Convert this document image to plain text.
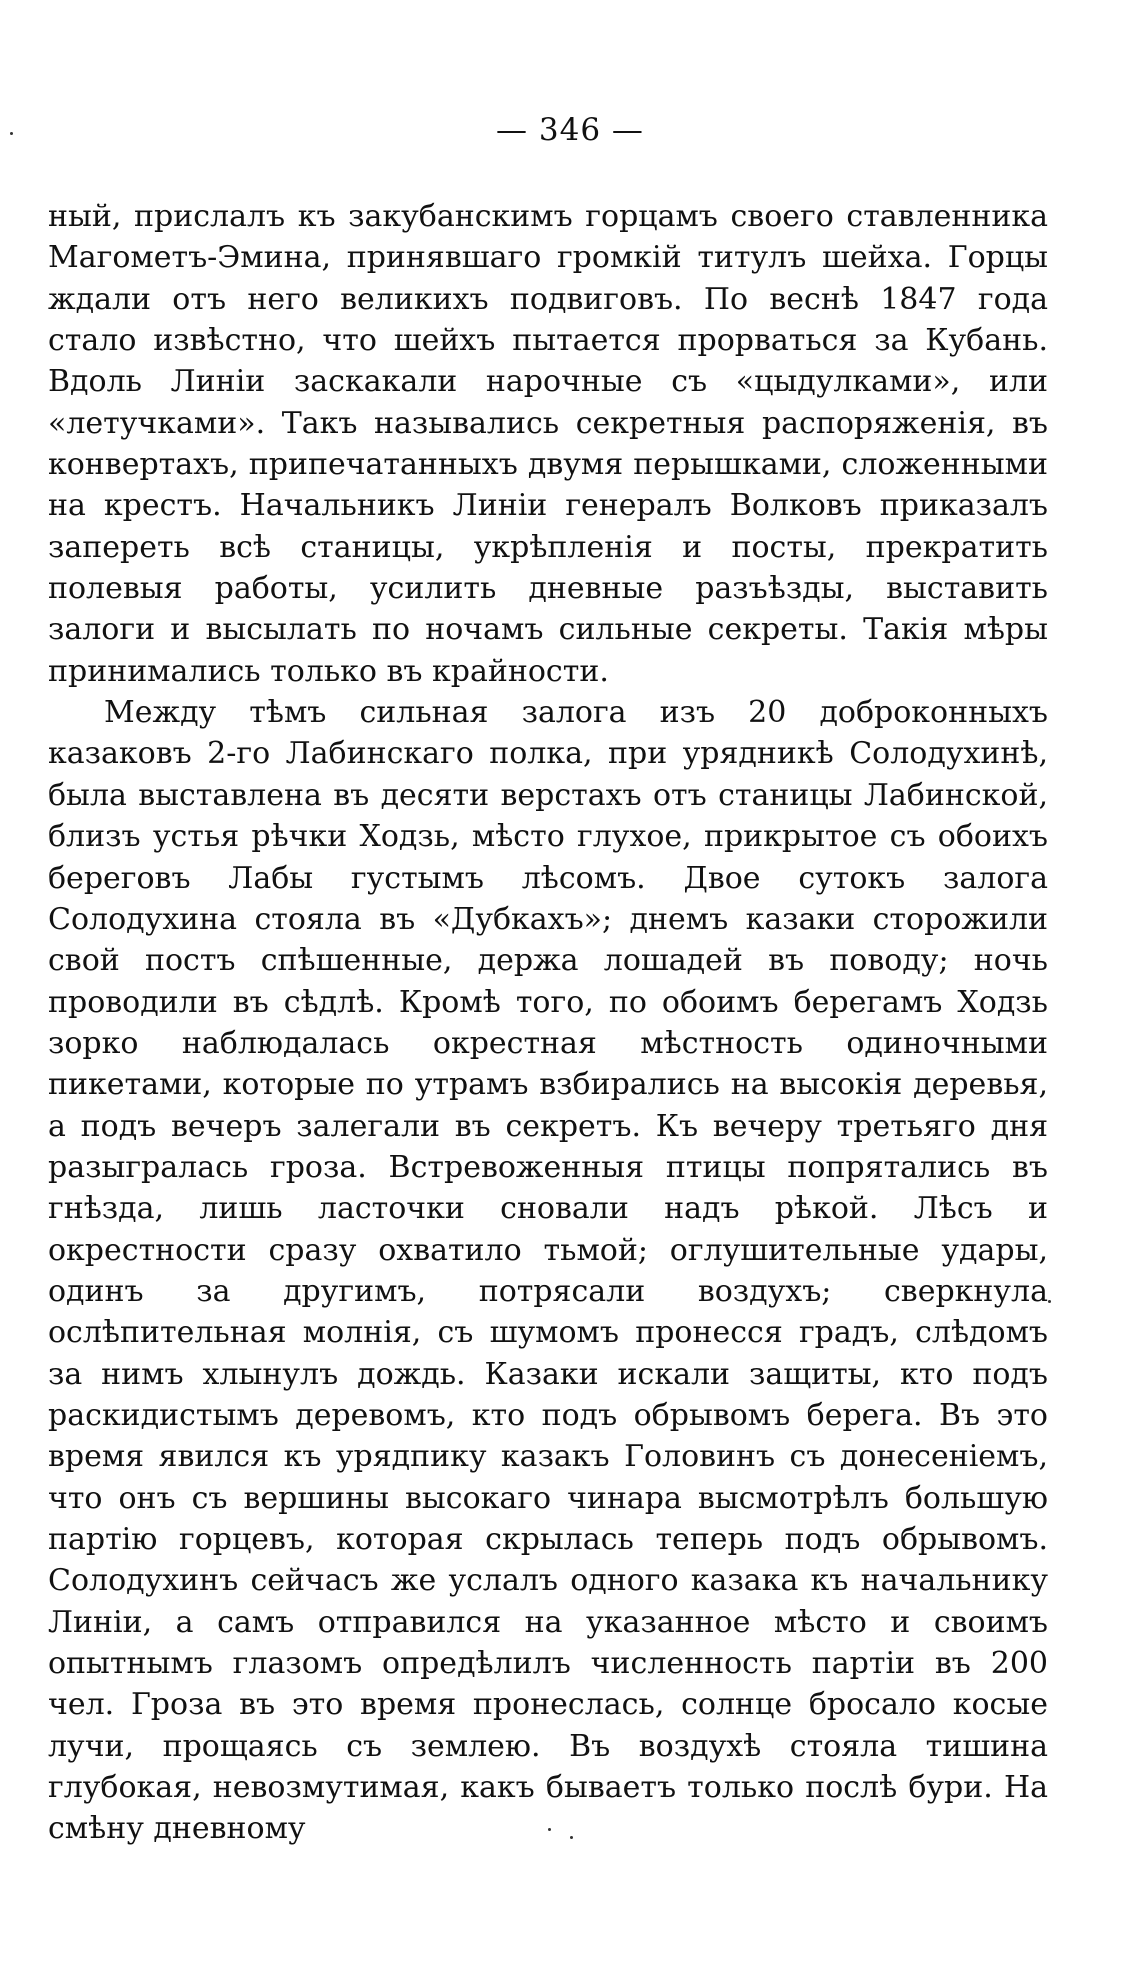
— 346 —

ный, прислалъ къ закубанскимъ горцамъ своего ставленника Магометъ-Эмина, принявшаго громкій титулъ шейха. Горцы ждали отъ него великихъ подвиговъ. По веснѣ 1847 года стало извѣстно, что шейхъ пытается прорваться за Кубань. Вдоль Линіи заскакали нарочные съ «цыдулками», или «летучками». Такъ назывались секретныя распоряженія, въ конвертахъ, припечатанныхъ двумя перышками, сложенными на крестъ. Начальникъ Линіи генералъ Волковъ приказалъ запереть всѣ станицы, укрѣпленія и посты, прекратить полевыя работы, усилить дневные разъѣзды, выставить залоги и высылать по ночамъ сильные секреты. Такія мѣры принимались только въ крайности.

Между тѣмъ сильная залога изъ 20 доброконныхъ казаковъ 2-го Лабинскаго полка, при урядникѣ Солодухинѣ, была выставлена въ десяти верстахъ отъ станицы Лабинской, близъ устья рѣчки Ходзь, мѣсто глухое, прикрытое съ обоихъ береговъ Лабы густымъ лѣсомъ. Двое сутокъ залога Солодухина стояла въ «Дубкахъ»; днемъ казаки сторожили свой постъ спѣшенные, держа лошадей въ поводу; ночь проводили въ сѣдлѣ. Кромѣ того, по обоимъ берегамъ Ходзь зорко наблюдалась окрестная мѣстность одиночными пикетами, которые по утрамъ взбирались на высокія деревья, а подъ вечеръ залегали въ секретъ. Къ вечеру третьяго дня разыгралась гроза. Встревоженныя птицы попрятались въ гнѣзда, лишь ласточки сновали надъ рѣкой. Лѣсъ и окрестности сразу охватило тьмой; оглушительные удары, одинъ за другимъ, потрясали воздухъ; сверкнула ослѣпительная молнія, съ шумомъ пронесся градъ, слѣдомъ за нимъ хлынулъ дождь. Казаки искали защиты, кто подъ раскидистымъ деревомъ, кто подъ обрывомъ берега. Въ это время явился къ урядпику казакъ Головинъ съ донесеніемъ, что онъ съ вершины высокаго чинара высмотрѣлъ большую партію горцевъ, которая скрылась теперь подъ обрывомъ. Солодухинъ сейчасъ же услалъ одного казака къ начальнику Линіи, а самъ отправился на указанное мѣсто и своимъ опытнымъ глазомъ опредѣлилъ численность партіи въ 200 чел. Гроза въ это время пронеслась, солнце бросало косые лучи, прощаясь съ землею. Въ воздухѣ стояла тишина глубокая, невозмутимая, какъ бываетъ только послѣ бури. На смѣну дневному
